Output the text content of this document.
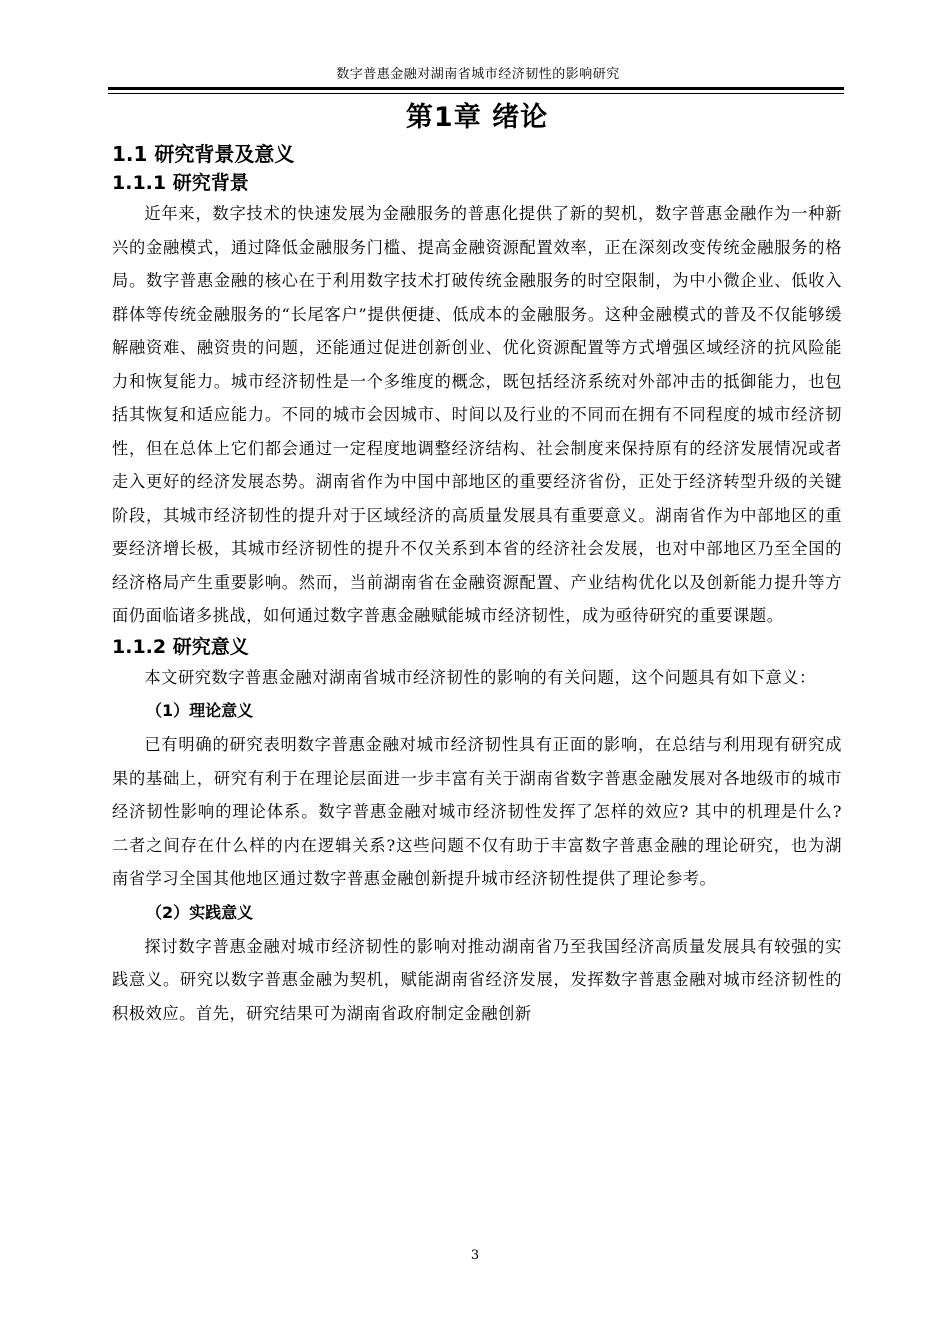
数字普惠金融对湖南省城市经济韧性的影响研究
第1章 绪论
1.1 研究背景及意义
1.1.1 研究背景

近年来，数字技术的快速发展为金融服务的普惠化提供了新的契机，数字普惠金融作为一种新兴的金融模式，通过降低金融服务门槛、提高金融资源配置效率，正在深刻改变传统金融服务的格局。数字普惠金融的核心在于利用数字技术打破传统金融服务的时空限制，为中小微企业、低收入群体等传统金融服务的“长尾客户”提供便捷、低成本的金融服务。这种金融模式的普及不仅能够缓解融资难、融资贵的问题，还能通过促进创新创业、优化资源配置等方式增强区域经济的抗风险能力和恢复能力。城市经济韧性是一个多维度的概念，既包括经济系统对外部冲击的抵御能力，也包括其恢复和适应能力。不同的城市会因城市、时间以及行业的不同而在拥有不同程度的城市经济韧性，但在总体上它们都会通过一定程度地调整经济结构、社会制度来保持原有的经济发展情况或者走入更好的经济发展态势。湖南省作为中国中部地区的重要经济省份，正处于经济转型升级的关键阶段，其城市经济韧性的提升对于区域经济的高质量发展具有重要意义。湖南省作为中部地区的重要经济增长极，其城市经济韧性的提升不仅关系到本省的经济社会发展，也对中部地区乃至全国的经济格局产生重要影响。然而，当前湖南省在金融资源配置、产业结构优化以及创新能力提升等方面仍面临诸多挑战，如何通过数字普惠金融赋能城市经济韧性，成为亟待研究的重要课题。

1.1.2 研究意义

本文研究数字普惠金融对湖南省城市经济韧性的影响的有关问题，这个问题具有如下意义：

（1）理论意义

已有明确的研究表明数字普惠金融对城市经济韧性具有正面的影响，在总结与利用现有研究成果的基础上，研究有利于在理论层面进一步丰富有关于湖南省数字普惠金融发展对各地级市的城市经济韧性影响的理论体系。数字普惠金融对城市经济韧性发挥了怎样的效应? 其中的机理是什么? 二者之间存在什么样的内在逻辑关系?这些问题不仅有助于丰富数字普惠金融的理论研究，也为湖南省学习全国其他地区通过数字普惠金融创新提升城市经济韧性提供了理论参考。

（2）实践意义

探讨数字普惠金融对城市经济韧性的影响对推动湖南省乃至我国经济高质量发展具有较强的实践意义。研究以数字普惠金融为契机，赋能湖南省经济发展，发挥数字普惠金融对城市经济韧性的积极效应。首先，研究结果可为湖南省政府制定金融创新

3
